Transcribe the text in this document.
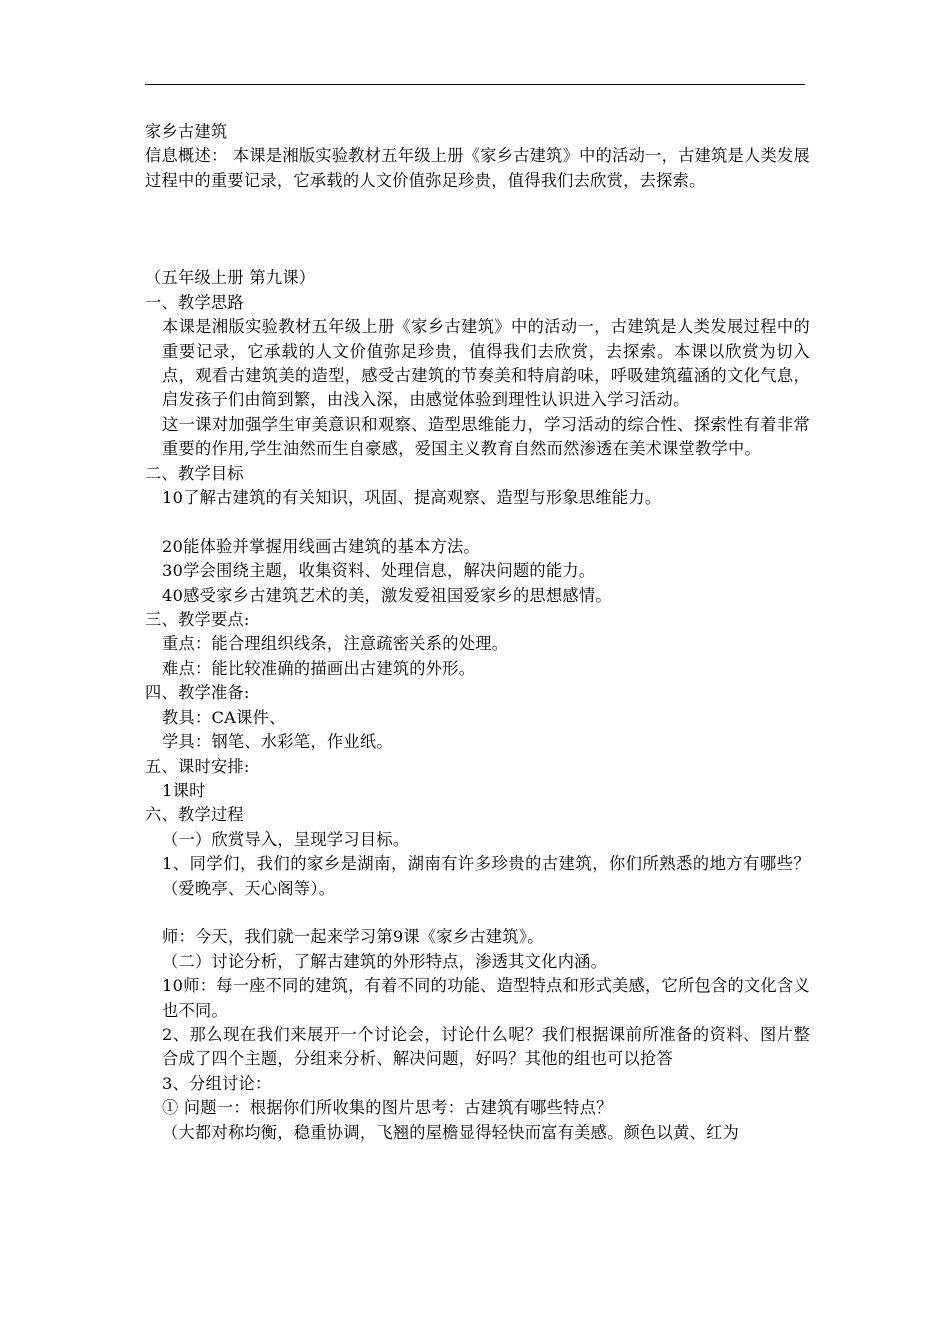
家乡古建筑

信息概述： 本课是湘版实验教材五年级上册《家乡古建筑》中的活动一，古建筑是人类发展过程中的重要记录，它承载的人文价值弥足珍贵，值得我们去欣赏，去探索。

（五年级上册 第九课）

一、教学思路

本课是湘版实验教材五年级上册《家乡古建筑》中的活动一，古建筑是人类发展过程中的重要记录，它承载的人文价值弥足珍贵，值得我们去欣赏，去探索。本课以欣赏为切入点，观看古建筑美的造型，感受古建筑的节奏美和特肩韵味，呼吸建筑蕴涵的文化气息，启发孩子们由简到繁，由浅入深，由感觉体验到理性认识进入学习活动。

这一课对加强学生审美意识和观察、造型思维能力，学习活动的综合性、探索性有着非常重要的作用,学生油然而生自豪感，爱国主义教育自然而然渗透在美术课堂教学中。

二、教学目标

10了解古建筑的有关知识，巩固、提高观察、造型与形象思维能力。

20能体验并掌握用线画古建筑的基本方法。

30学会围绕主题，收集资料、处理信息，解决问题的能力。

40感受家乡古建筑艺术的美，激发爱祖国爱家乡的思想感情。

三、教学要点:

重点：能合理组织线条，注意疏密关系的处理。

难点：能比较准确的描画出古建筑的外形。

四、教学准备:

教具：CA课件、

学具：钢笔、水彩笔，作业纸。

五、课时安排:

1课时

六、教学过程

（一）欣赏导入，呈现学习目标。

1、同学们，我们的家乡是湖南，湖南有许多珍贵的古建筑，你们所熟悉的地方有哪些？（爱晚亭、天心阁等）。

师：今天，我们就一起来学习第9课《家乡古建筑》。

（二）讨论分析，了解古建筑的外形特点，渗透其文化内涵。

10师：每一座不同的建筑，有着不同的功能、造型特点和形式美感，它所包含的文化含义也不同。

2、那么现在我们来展开一个讨论会，讨论什么呢？我们根据课前所准备的资料、图片整合成了四个主题，分组来分析、解决问题，好吗？其他的组也可以抢答

3、分组讨论：

① 问题一：根据你们所收集的图片思考：古建筑有哪些特点？

（大都对称均衡，稳重协调，飞翘的屋檐显得轻快而富有美感。颜色以黄、红为
